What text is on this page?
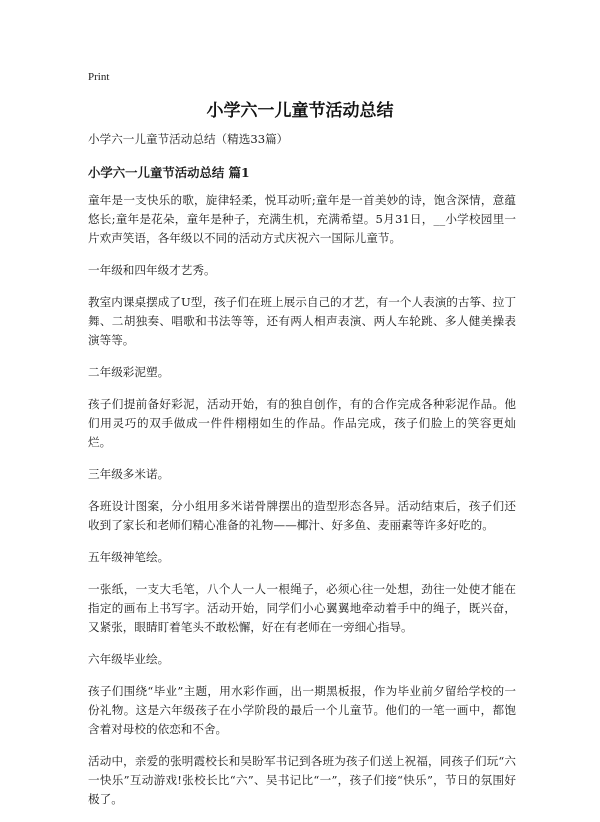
Print
小学六一儿童节活动总结

小学六一儿童节活动总结（精选33篇）

小学六一儿童节活动总结 篇1

童年是一支快乐的歌，旋律轻柔，悦耳动听;童年是一首美妙的诗，饱含深情，意蕴悠长;童年是花朵，童年是种子，充满生机，充满希望。5月31日，__小学校园里一片欢声笑语，各年级以不同的活动方式庆祝六一国际儿童节。

一年级和四年级才艺秀。

教室内课桌摆成了U型，孩子们在班上展示自己的才艺，有一个人表演的古筝、拉丁舞、二胡独奏、唱歌和书法等等，还有两人相声表演、两人车轮跳、多人健美操表演等等。

二年级彩泥塑。

孩子们提前备好彩泥，活动开始，有的独自创作，有的合作完成各种彩泥作品。他们用灵巧的双手做成一件件栩栩如生的作品。作品完成，孩子们脸上的笑容更灿烂。

三年级多米诺。

各班设计图案，分小组用多米诺骨牌摆出的造型形态各异。活动结束后，孩子们还收到了家长和老师们精心准备的礼物——椰汁、好多鱼、麦丽素等许多好吃的。

五年级神笔绘。

一张纸，一支大毛笔，八个人一人一根绳子，必须心往一处想，劲往一处使才能在指定的画布上书写字。活动开始，同学们小心翼翼地牵动着手中的绳子，既兴奋，又紧张，眼睛盯着笔头不敢松懈，好在有老师在一旁细心指导。

六年级毕业绘。

孩子们围绕“毕业”主题，用水彩作画，出一期黑板报，作为毕业前夕留给学校的一份礼物。这是六年级孩子在小学阶段的最后一个儿童节。他们的一笔一画中，都饱含着对母校的依恋和不舍。

活动中，亲爱的张明霞校长和吴盼军书记到各班为孩子们送上祝福，同孩子们玩“六一快乐”互动游戏!张校长比“六”、吴书记比“一”，孩子们接“快乐”，节日的氛围好极了。
